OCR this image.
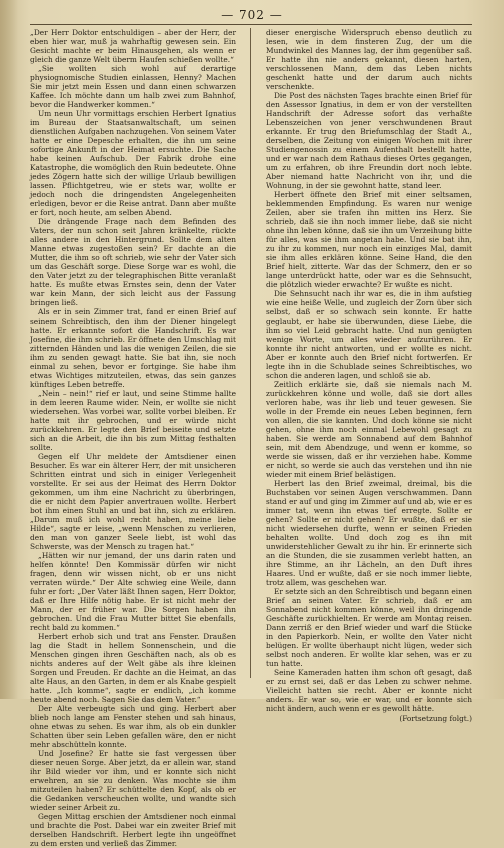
— 702 —

„Der Herr Doktor entschuldigen – aber der Herr, der eben hier war, muß ja wahrhaftig gewesen sein. Ein Gesicht machte er beim Hinausgehen, als wenn er gleich die ganze Welt überm Haufen schießen wollte.“

„Sie wollten sich wohl auf derartige physiognomische Studien einlassen, Henny? Machen Sie mir jetzt mein Essen und dann einen schwarzen Kaffee. Ich möchte dann um halb zwei zum Bahnhof, bevor die Handwerker kommen.“

Um neun Uhr vormittags erschien Herbert Ignatius im Bureau der Staatsanwaltschaft, um seinen dienstlichen Aufgaben nachzugehen. Von seinem Vater hatte er eine Depesche erhalten, die ihn um seine sofortige Ankunft in der Heimat ersuchte. Die Sache habe keinen Aufschub. Der Fabrik drohe eine Katastrophe, die womöglich den Ruin bedeutete. Ohne jedes Zögern hatte sich der willige Urlaub bewilligen lassen. Pflichtgetreu, wie er stets war, wollte er jedoch noch die dringendsten Angelegenheiten erledigen, bevor er die Reise antrat. Dann aber mußte er fort, noch heute, am selben Abend.

Die drängende Frage nach dem Befinden des Vaters, der nun schon seit Jahren kränkelte, rückte alles andere in den Hintergrund. Sollte dem alten Manne etwas zugestoßen sein? Er dachte an die Mutter, die ihm so oft schrieb, wie sehr der Vater sich um das Geschäft sorge. Diese Sorge war es wohl, die den Vater jetzt zu der telegraphischen Bitte veranlaßt hatte. Es mußte etwas Ernstes sein, denn der Vater war kein Mann, der sich leicht aus der Fassung bringen ließ.

Als er in sein Zimmer trat, fand er einen Brief auf seinem Schreibtisch, den ihm der Diener hingelegt hatte. Er erkannte sofort die Handschrift. Es war Josefine, die ihm schrieb. Er öffnete den Umschlag mit zitternden Händen und las die wenigen Zeilen, die sie ihm zu senden gewagt hatte. Sie bat ihn, sie noch einmal zu sehen, bevor er fortginge. Sie habe ihm etwas Wichtiges mitzuteilen, etwas, das sein ganzes künftiges Leben betreffe.

„Nein – nein!“ rief er laut, und seine Stimme hallte in dem leeren Raume wider. Nein, er wollte sie nicht wiedersehen. Was vorbei war, sollte vorbei bleiben. Er hatte mit ihr gebrochen, und er würde nicht zurückkehren. Er legte den Brief beiseite und setzte sich an die Arbeit, die ihn bis zum Mittag festhalten sollte.

Gegen elf Uhr meldete der Amtsdiener einen Besucher. Es war ein älterer Herr, der mit unsicheren Schritten eintrat und sich in einiger Verlegenheit vorstellte. Er sei aus der Heimat des Herrn Doktor gekommen, um ihm eine Nachricht zu überbringen, die er nicht dem Papier anvertrauen wollte. Herbert bot ihm einen Stuhl an und bat ihn, sich zu erklären. „Darum muß ich wohl recht haben, meine liebe Hilde“, sagte er leise, „wenn Menschen zu verlieren, den man von ganzer Seele liebt, ist wohl das Schwerste, was der Mensch zu tragen hat.“

„Hätten wir nur jemand, der uns darin raten und helfen könnte! Den Kommissär dürfen wir nicht fragen, denn wir wissen nicht, ob er uns nicht verraten würde.“ Der Alte schwieg eine Weile, dann fuhr er fort: „Der Vater läßt Ihnen sagen, Herr Doktor, daß er Ihre Hilfe nötig habe. Er ist nicht mehr der Mann, der er früher war. Die Sorgen haben ihn gebrochen. Und die Frau Mutter bittet Sie ebenfalls, recht bald zu kommen.“

Herbert erhob sich und trat ans Fenster. Draußen lag die Stadt in hellem Sonnenschein, und die Menschen gingen ihren Geschäften nach, als ob es nichts anderes auf der Welt gäbe als ihre kleinen Sorgen und Freuden. Er dachte an die Heimat, an das alte Haus, an den Garten, in dem er als Knabe gespielt hatte. „Ich komme“, sagte er endlich, „ich komme heute abend noch. Sagen Sie das dem Vater.“

Der Alte verbeugte sich und ging. Herbert aber blieb noch lange am Fenster stehen und sah hinaus, ohne etwas zu sehen. Es war ihm, als ob ein dunkler Schatten über sein Leben gefallen wäre, den er nicht mehr abschütteln konnte.

Und Josefine? Er hatte sie fast vergessen über dieser neuen Sorge. Aber jetzt, da er allein war, stand ihr Bild wieder vor ihm, und er konnte sich nicht erwehren, an sie zu denken. Was mochte sie ihm mitzuteilen haben? Er schüttelte den Kopf, als ob er die Gedanken verscheuchen wollte, und wandte sich wieder seiner Arbeit zu.

Gegen Mittag erschien der Amtsdiener noch einmal und brachte die Post. Dabei war ein zweiter Brief mit derselben Handschrift. Herbert legte ihn ungeöffnet zu dem ersten und verließ das Zimmer.

dieser energische Widerspruch ebenso deutlich zu lesen, wie in dem finsteren Zug, der um die Mundwinkel des Mannes lag, der ihm gegenüber saß. Er hatte ihn nie anders gekannt, diesen harten, verschlossenen Mann, dem das Leben nichts geschenkt hatte und der darum auch nichts verschenkte.

Die Post des nächsten Tages brachte einen Brief für den Assessor Ignatius, in dem er von der verstellten Handschrift der Adresse sofort das verhaßte Lebenszeichen von jener verschwundenen Braut erkannte. Er trug den Briefumschlag der Stadt A., derselben, die Zeitung von einigen Wochen mit ihrer Studiengenossin zu einem Aufenthalt bestellt hatte, und er war nach dem Rathaus dieses Ortes gegangen, um zu erfahren, ob ihre Freundin dort noch lebte. Aber niemand hatte Nachricht von ihr, und die Wohnung, in der sie gewohnt hatte, stand leer.

Herbert öffnete den Brief mit einer seltsamen, beklemmenden Empfindung. Es waren nur wenige Zeilen, aber sie trafen ihn mitten ins Herz. Sie schrieb, daß sie ihn noch immer liebe, daß sie nicht ohne ihn leben könne, daß sie ihn um Verzeihung bitte für alles, was sie ihm angetan habe. Und sie bat ihn, zu ihr zu kommen, nur noch ein einziges Mal, damit sie ihm alles erklären könne. Seine Hand, die den Brief hielt, zitterte. War das der Schmerz, den er so lange unterdrückt hatte, oder war es die Sehnsucht, die plötzlich wieder erwachte? Er wußte es nicht.

Die Sehnsucht nach ihr war es, die in ihm aufstieg wie eine heiße Welle, und zugleich der Zorn über sich selbst, daß er so schwach sein konnte. Er hatte geglaubt, er habe sie überwunden, diese Liebe, die ihm so viel Leid gebracht hatte. Und nun genügten wenige Worte, um alles wieder aufzurühren. Er konnte ihr nicht antworten, und er wollte es nicht. Aber er konnte auch den Brief nicht fortwerfen. Er legte ihn in die Schublade seines Schreibtisches, wo schon die anderen lagen, und schloß sie ab.

Zeitlich erklärte sie, daß sie niemals nach M. zurückkehren könne und wolle, daß sie dort alles verloren habe, was ihr lieb und teuer gewesen. Sie wolle in der Fremde ein neues Leben beginnen, fern von allen, die sie kannten. Und doch könne sie nicht gehen, ohne ihm noch einmal Lebewohl gesagt zu haben. Sie werde am Sonnabend auf dem Bahnhof sein, mit dem Abendzuge, und wenn er komme, so werde sie wissen, daß er ihr verziehen habe. Komme er nicht, so werde sie auch das verstehen und ihn nie wieder mit einem Brief belästigen.

Herbert las den Brief zweimal, dreimal, bis die Buchstaben vor seinen Augen verschwammen. Dann stand er auf und ging im Zimmer auf und ab, wie er es immer tat, wenn ihn etwas tief erregte. Sollte er gehen? Sollte er nicht gehen? Er wußte, daß er sie nicht wiedersehen durfte, wenn er seinen Frieden behalten wollte. Und doch zog es ihn mit unwiderstehlicher Gewalt zu ihr hin. Er erinnerte sich an die Stunden, die sie zusammen verlebt hatten, an ihre Stimme, an ihr Lächeln, an den Duft ihres Haares. Und er wußte, daß er sie noch immer liebte, trotz allem, was geschehen war.

Er setzte sich an den Schreibtisch und begann einen Brief an seinen Vater. Er schrieb, daß er am Sonnabend nicht kommen könne, weil ihn dringende Geschäfte zurückhielten. Er werde am Montag reisen. Dann zerriß er den Brief wieder und warf die Stücke in den Papierkorb. Nein, er wollte den Vater nicht belügen. Er wollte überhaupt nicht lügen, weder sich selbst noch anderen. Er wollte klar sehen, was er zu tun hatte.

Seine Kameraden hatten ihm schon oft gesagt, daß er zu ernst sei, daß er das Leben zu schwer nehme. Vielleicht hatten sie recht. Aber er konnte nicht anders. Er war so, wie er war, und er konnte sich nicht ändern, auch wenn er es gewollt hätte.

(Fortsetzung folgt.)
